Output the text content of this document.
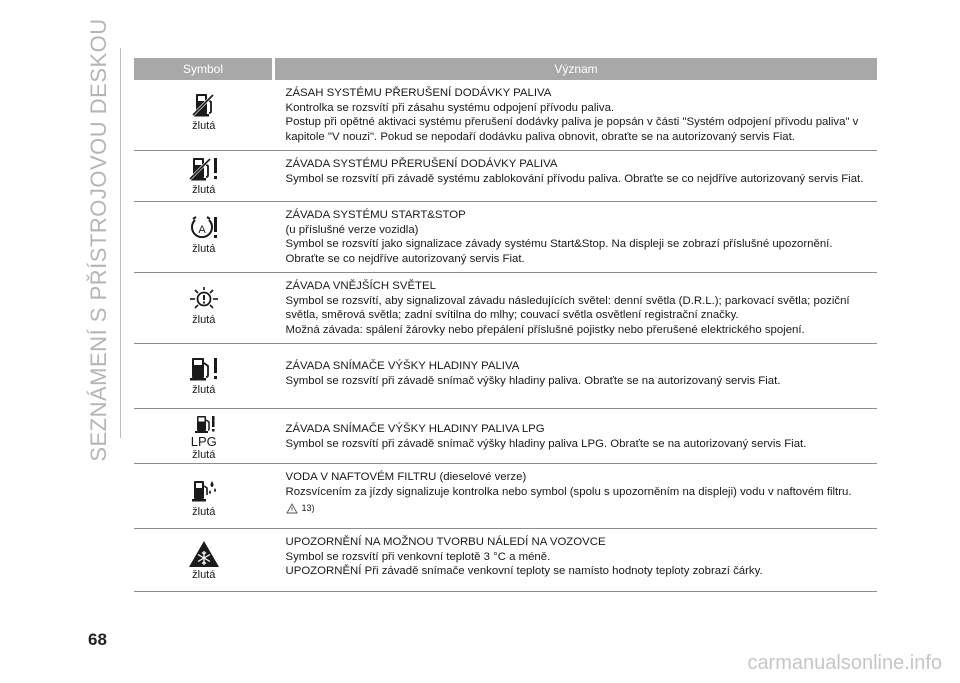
SEZNÁMENÍ S PŘÍSTROJOVOU DESKOU	Symbol	Význam

žlutá	ZÁSAH SYSTÉMU PŘERUŠENÍ DODÁVKY PALIVA
Kontrolka se rozsvítí při zásahu systému odpojení přívodu paliva.
Postup při opětné aktivaci systému přerušení dodávky paliva je popsán v části "Systém odpojení přívodu paliva" v
kapitole "V nouzi". Pokud se nepodaří dodávku paliva obnovit, obraťte se na autorizovaný servis Fiat.

žlutá	ZÁVADA SYSTÉMU PŘERUŠENÍ DODÁVKY PALIVA
Symbol se rozsvítí při závadě systému zablokování přívodu paliva. Obraťte se co nejdříve autorizovaný servis Fiat.

A
žlutá	ZÁVADA SYSTÉMU START&STOP
(u příslušné verze vozidla)
Symbol se rozsvítí jako signalizace závady systému Start&Stop. Na displeji se zobrazí příslušné upozornění.
Obraťte se co nejdříve autorizovaný servis Fiat.

žlutá	ZÁVADA VNĚJŠÍCH SVĚTEL
Symbol se rozsvítí, aby signalizoval závadu následujících světel: denní světla (D.R.L.); parkovací světla; poziční
světla, směrová světla; zadní svítilna do mlhy; couvací světla osvětlení registrační značky.
Možná závada: spálení žárovky nebo přepálení příslušné pojistky nebo přerušené elektrického spojení.

žlutá	ZÁVADA SNÍMAČE VÝŠKY HLADINY PALIVA
Symbol se rozsvítí při závadě snímač výšky hladiny paliva. Obraťte se na autorizovaný servis Fiat.

LPG
žlutá	ZÁVADA SNÍMAČE VÝŠKY HLADINY PALIVA LPG
Symbol se rozsvítí při závadě snímač výšky hladiny paliva LPG. Obraťte se na autorizovaný servis Fiat.

žlutá	VODA V NAFTOVÉM FILTRU (dieselové verze)
Rozsvícením za jízdy signalizuje kontrolka nebo symbol (spolu s upozorněním na displeji) vodu v naftovém filtru.
13)

žlutá	UPOZORNĚNÍ NA MOŽNOU TVORBU NÁLEDÍ NA VOZOVCE
Symbol se rozsvítí při venkovní teplotě 3 °C a méně.
UPOZORNĚNÍ Při závadě snímače venkovní teploty se namísto hodnoty teploty zobrazí čárky.
68
carmanualsonline.info
